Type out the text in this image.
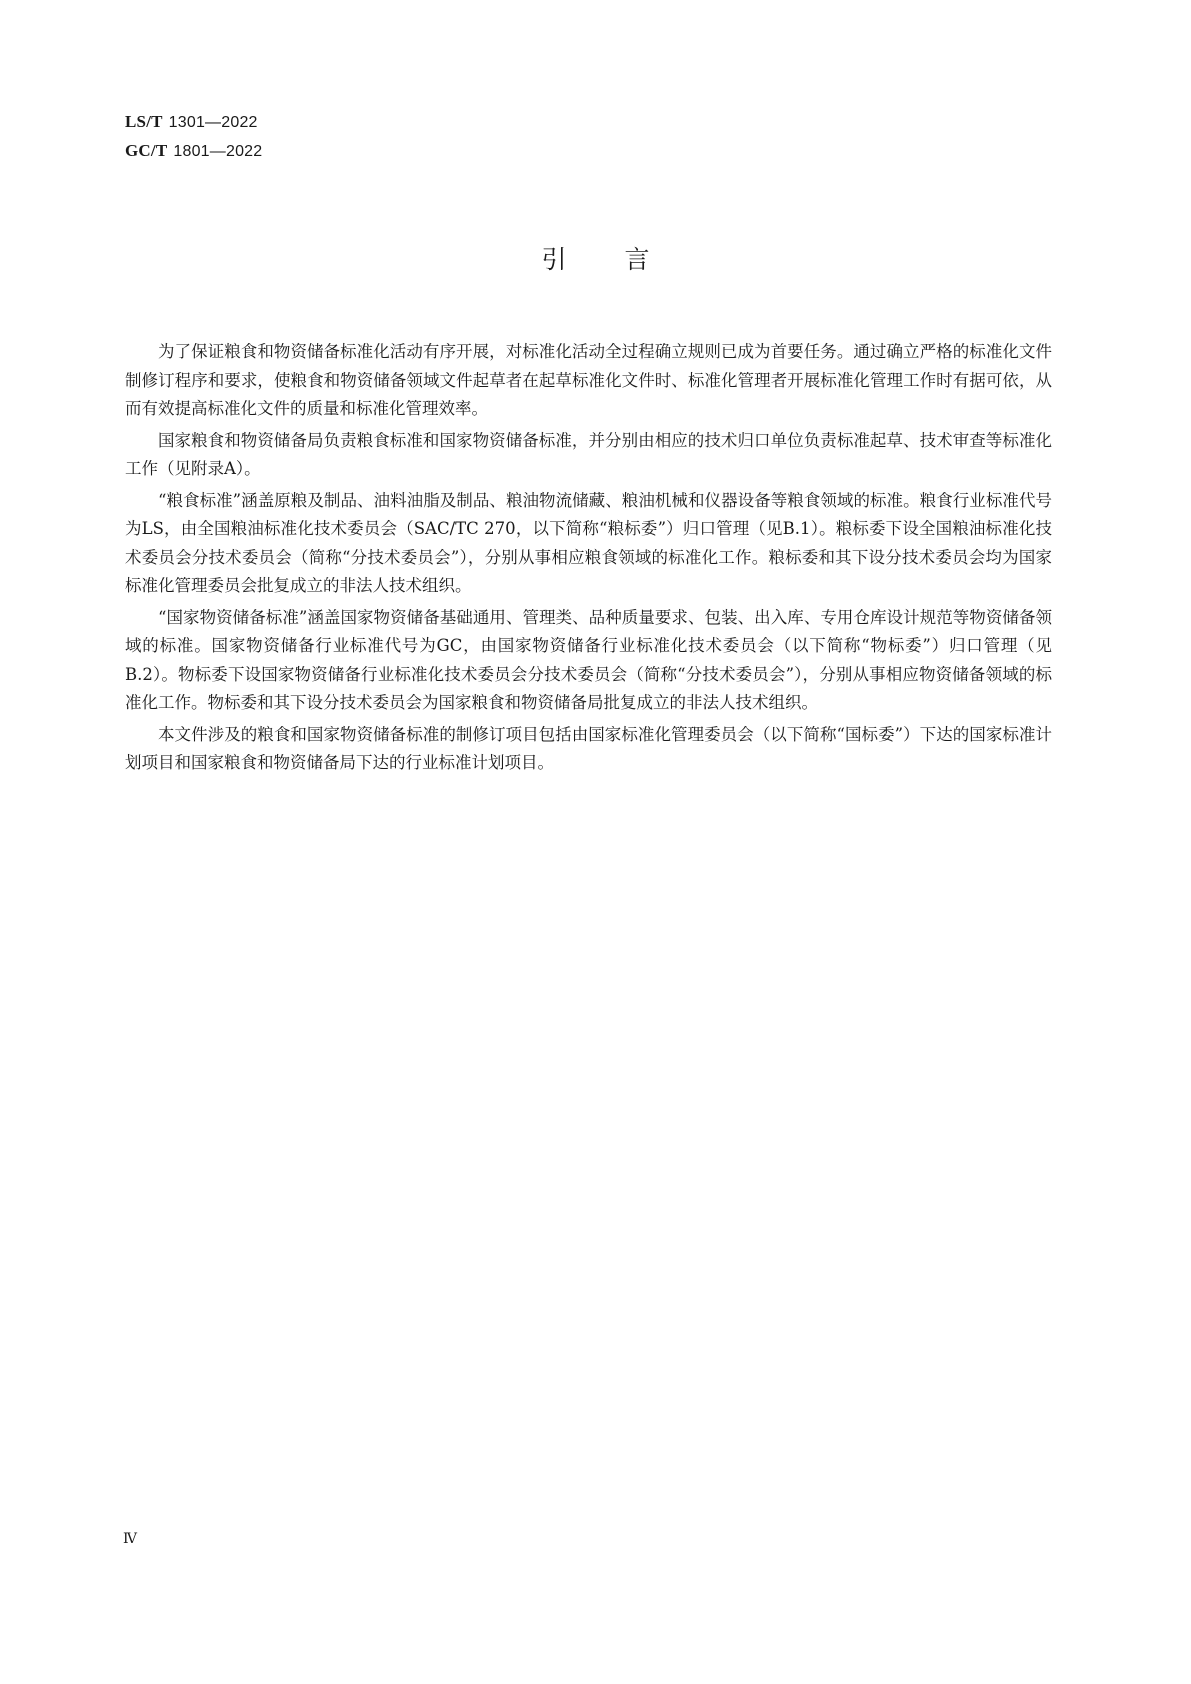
LS/T 1301—2022
GC/T 1801—2022
引言

为了保证粮食和物资储备标准化活动有序开展，对标准化活动全过程确立规则已成为首要任务。通过确立严格的标准化文件制修订程序和要求，使粮食和物资储备领域文件起草者在起草标准化文件时、标准化管理者开展标准化管理工作时有据可依，从而有效提高标准化文件的质量和标准化管理效率。

国家粮食和物资储备局负责粮食标准和国家物资储备标准，并分别由相应的技术归口单位负责标准起草、技术审查等标准化工作（见附录A）。

“粮食标准”涵盖原粮及制品、油料油脂及制品、粮油物流储藏、粮油机械和仪器设备等粮食领域的标准。粮食行业标准代号为LS，由全国粮油标准化技术委员会（SAC/TC 270，以下简称“粮标委”）归口管理（见B.1）。粮标委下设全国粮油标准化技术委员会分技术委员会（简称“分技术委员会”），分别从事相应粮食领域的标准化工作。粮标委和其下设分技术委员会均为国家标准化管理委员会批复成立的非法人技术组织。

“国家物资储备标准”涵盖国家物资储备基础通用、管理类、品种质量要求、包装、出入库、专用仓库设计规范等物资储备领域的标准。国家物资储备行业标准代号为GC，由国家物资储备行业标准化技术委员会（以下简称“物标委”）归口管理（见B.2）。物标委下设国家物资储备行业标准化技术委员会分技术委员会（简称“分技术委员会”），分别从事相应物资储备领域的标准化工作。物标委和其下设分技术委员会为国家粮食和物资储备局批复成立的非法人技术组织。

本文件涉及的粮食和国家物资储备标准的制修订项目包括由国家标准化管理委员会（以下简称“国标委”）下达的国家标准计划项目和国家粮食和物资储备局下达的行业标准计划项目。

Ⅳ
